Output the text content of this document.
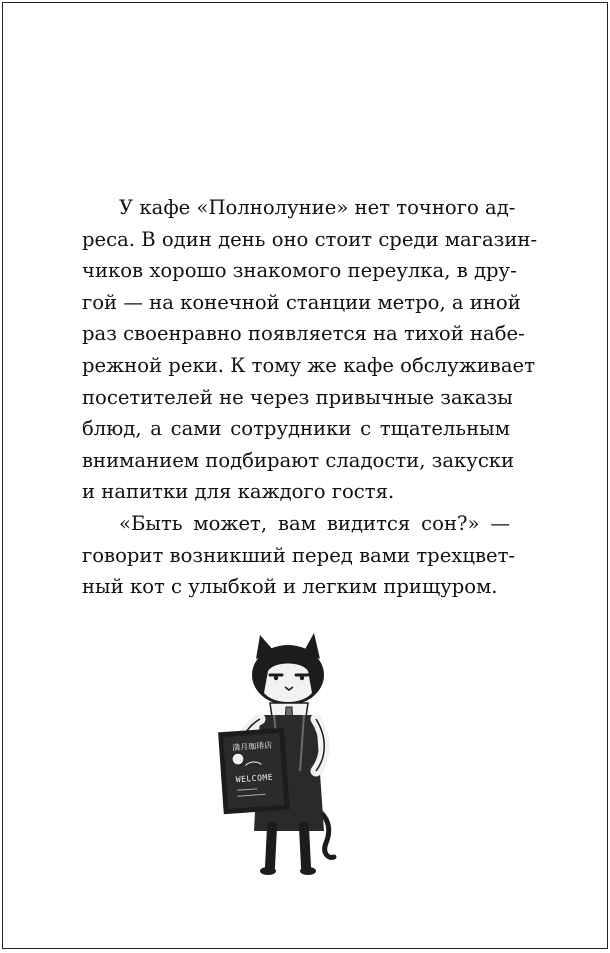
У кафе «Полнолуние» нет точного ад-
реса. В один день оно стоит среди магазин-
чиков хорошо знакомого переулка, в дру-
гой — на конечной станции метро, а иной
раз своенравно появляется на тихой набе-
режной реки. К тому же кафе обслуживает
посетителей не через привычные заказы
блюд, а сами сотрудники с тщательным
вниманием подбирают сладости, закуски
и напитки для каждого гостя.

«Быть может, вам видится сон?» —
говорит возникший перед вами трехцвет-
ный кот с улыбкой и легким прищуром.

満月珈琲店
WELCOME
